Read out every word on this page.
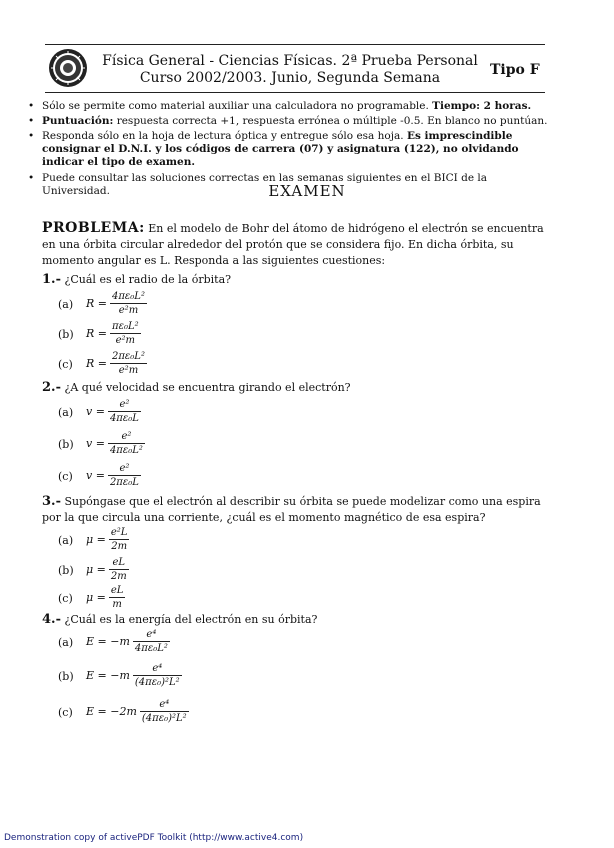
Física General - Ciencias Físicas. 2ª Prueba Personal
Curso 2002/2003. Junio, Segunda Semana	Tipo F
• Sólo se permite como material auxiliar una calculadora no programable. Tiempo: 2 horas.
• Puntuación: respuesta correcta +1, respuesta errónea o múltiple -0.5. En blanco no puntúan.
• Responda sólo en la hoja de lectura óptica y entregue sólo esa hoja. Es imprescindible consignar el D.N.I. y los códigos de carrera (07) y asignatura (122), no olvidando indicar el tipo de examen.
• Puede consultar las soluciones correctas en las semanas siguientes en el BICI de la Universidad.	EXAMEN
PROBLEMA: En el modelo de Bohr del átomo de hidrógeno el electrón se encuentra en una órbita circular alrededor del protón que se considera fijo. En dicha órbita, su momento angular es L. Responda a las siguientes cuestiones:
1.- ¿Cuál es el radio de la órbita?
(a) $R = \frac{\text{4πε₀L²}}{\text{e²m}}$
(b) $R = \frac{\text{πε₀L²}}{\text{e²m}}$
(c) $R = \frac{\text{2πε₀L²}}{\text{e²m}}$
2.- ¿A qué velocidad se encuentra girando el electrón?
(a) $v = \frac{\text{e²}}{\text{4πε₀L}}$
(b) $v = \frac{\text{e²}}{\text{4πε₀L²}}$
(c) $v = \frac{\text{e²}}{\text{2πε₀L}}$
3.- Supóngase que el electrón al describir su órbita se puede modelizar como una espira por la que circula una corriente, ¿cuál es el momento magnético de esa espira?
(a) $\mu = \frac{\text{e²L}}{2m}$
(b) $\mu = \frac{eL}{2m}$
(c) $\mu = \frac{eL}{m}$
4.- ¿Cuál es la energía del electrón en su órbita?
(a) $E = -m \frac{\text{e⁴}}{\text{4πε₀L²}}$
(b) $E = -m \frac{\text{e⁴}}{\text{(4πε₀)²L²}}$
(c) $E = -2m \frac{\text{e⁴}}{\text{(4πε₀)²L²}}$
Demonstration copy of activePDF Toolkit (http://www.active4.com)
